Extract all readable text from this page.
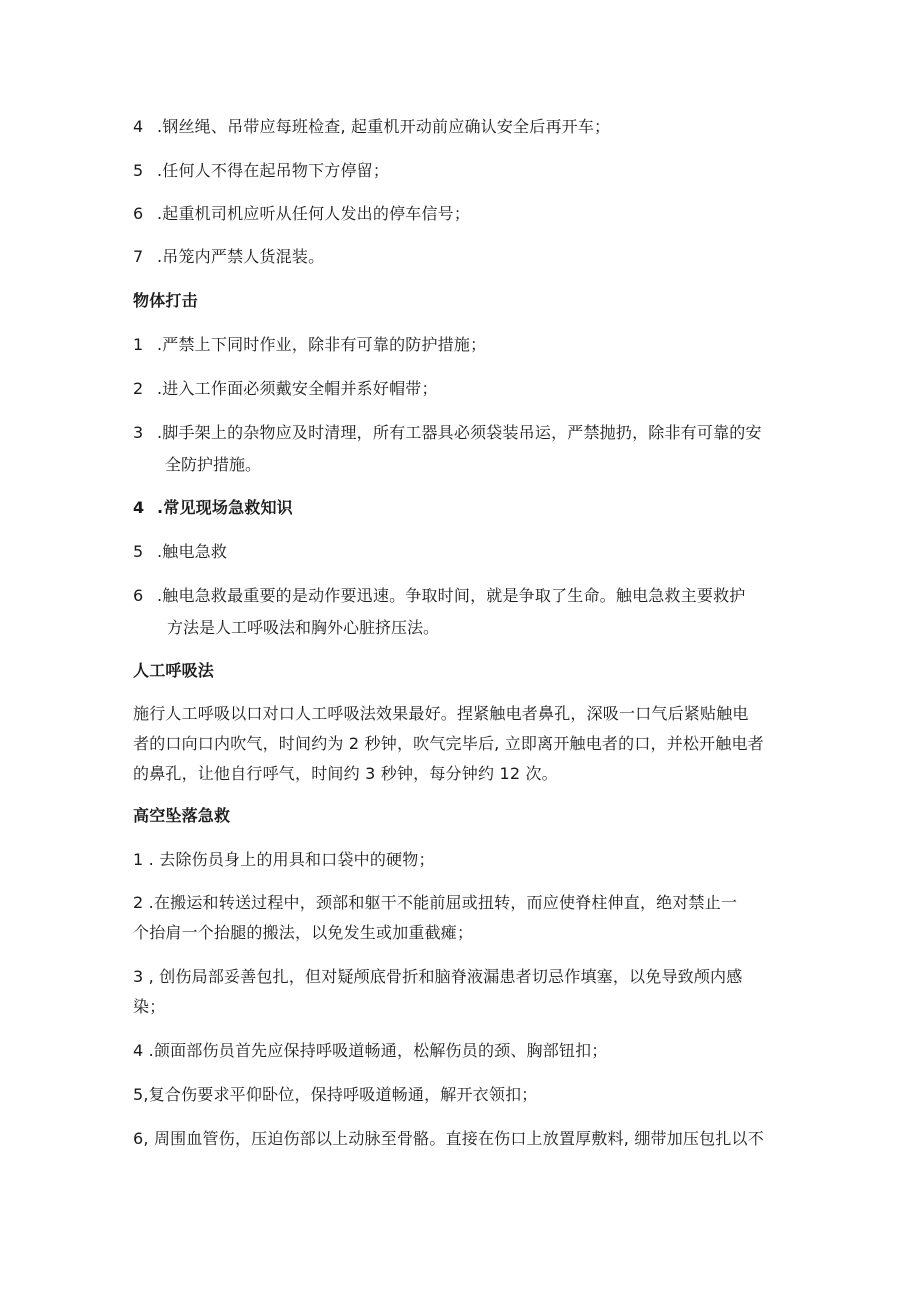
4 .钢丝绳、吊带应每班检查, 起重机开动前应确认安全后再开车；
5 .任何人不得在起吊物下方停留；
6 .起重机司机应听从任何人发出的停车信号；
7 .吊笼内严禁人货混装。
物体打击
1 .严禁上下同时作业，除非有可靠的防护措施；
2 .进入工作面必须戴安全帽并系好帽带；
3 .脚手架上的杂物应及时清理，所有工器具必须袋装吊运，严禁抛扔，除非有可靠的安
全防护措施。
4 .常见现场急救知识
5 .触电急救
6 .触电急救最重要的是动作要迅速。争取时间，就是争取了生命。触电急救主要救护
方法是人工呼吸法和胸外心脏挤压法。
人工呼吸法
施行人工呼吸以口对口人工呼吸法效果最好。捏紧触电者鼻孔，深吸一口气后紧贴触电
者的口向口内吹气，时间约为 2 秒钟，吹气完毕后, 立即离开触电者的口，并松开触电者
的鼻孔，让他自行呼气，时间约 3 秒钟，每分钟约 12 次。
高空坠落急救
1 . 去除伤员身上的用具和口袋中的硬物；
2 .在搬运和转送过程中，颈部和躯干不能前屈或扭转，而应使脊柱伸直，绝对禁止一
个抬肩一个抬腿的搬法，以免发生或加重截瘫；
3 , 创伤局部妥善包扎，但对疑颅底骨折和脑脊液漏患者切忌作填塞，以免导致颅内感
染；
4 .颌面部伤员首先应保持呼吸道畅通，松解伤员的颈、胸部钮扣；
5,复合伤要求平仰卧位，保持呼吸道畅通，解开衣领扣；
6, 周围血管伤，压迫伤部以上动脉至骨骼。直接在伤口上放置厚敷料, 绷带加压包扎以不
